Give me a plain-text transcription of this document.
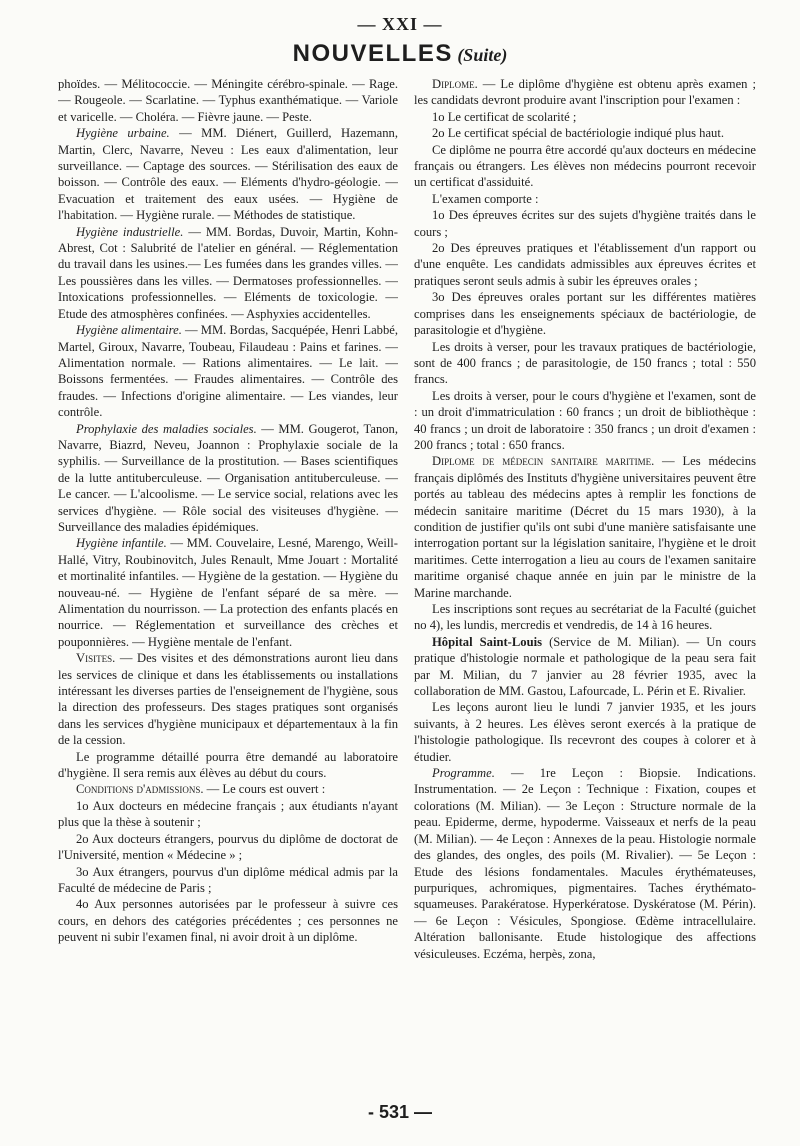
— XXI —
NOUVELLES (Suite)

phoïdes. — Mélitococcie. — Méningite cérébro-spinale. — Rage. — Rougeole. — Scarlatine. — Typhus exanthématique. — Variole et varicelle. — Choléra. — Fièvre jaune. — Peste.

Hygiène urbaine. — MM. Diénert, Guillerd, Hazemann, Martin, Clerc, Navarre, Neveu : Les eaux d'alimentation, leur surveillance. — Captage des sources. — Stérilisation des eaux de boisson. — Contrôle des eaux. — Eléments d'hydro-géologie. — Evacuation et traitement des eaux usées. — Hygiène de l'habitation. — Hygiène rurale. — Méthodes de statistique.

Hygiène industrielle. — MM. Bordas, Duvoir, Martin, Kohn-Abrest, Cot : Salubrité de l'atelier en général. — Réglementation du travail dans les usines.— Les fumées dans les grandes villes. — Les poussières dans les villes. — Dermatoses professionnelles. — Intoxications professionnelles. — Eléments de toxicologie. — Etude des atmosphères confinées. — Asphyxies accidentelles.

Hygiène alimentaire. — MM. Bordas, Sacquépée, Henri Labbé, Martel, Giroux, Navarre, Toubeau, Filaudeau : Pains et farines. — Alimentation normale. — Rations alimentaires. — Le lait. — Boissons fermentées. — Fraudes alimentaires. — Contrôle des fraudes. — Infections d'origine alimentaire. — Les viandes, leur contrôle.

Prophylaxie des maladies sociales. — MM. Gougerot, Tanon, Navarre, Biazrd, Neveu, Joannon : Prophylaxie sociale de la syphilis. — Surveillance de la prostitution. — Bases scientifiques de la lutte antituberculeuse. — Organisation antituberculeuse. — Le cancer. — L'alcoolisme. — Le service social, relations avec les services d'hygiène. — Rôle social des visiteuses d'hygiène. — Surveillance des maladies épidémiques.

Hygiène infantile. — MM. Couvelaire, Lesné, Marengo, Weill-Hallé, Vitry, Roubinovitch, Jules Renault, Mme Jouart : Mortalité et mortinalité infantiles. — Hygiène de la gestation. — Hygiène du nouveau-né. — Hygiène de l'enfant séparé de sa mère. — Alimentation du nourrisson. — La protection des enfants placés en nourrice. — Réglementation et surveillance des crèches et pouponnières. — Hygiène mentale de l'enfant.

Visites. — Des visites et des démonstrations auront lieu dans les services de clinique et dans les établissements ou installations intéressant les diverses parties de l'enseignement de l'hygiène, sous la direction des professeurs. Des stages pratiques sont organisés dans les services d'hygiène municipaux et départementaux à la fin de la cession.

Le programme détaillé pourra être demandé au laboratoire d'hygiène. Il sera remis aux élèves au début du cours.

Conditions d'admissions. — Le cours est ouvert :

1o Aux docteurs en médecine français ; aux étudiants n'ayant plus que la thèse à soutenir ;

2o Aux docteurs étrangers, pourvus du diplôme de doctorat de l'Université, mention « Médecine » ;

3o Aux étrangers, pourvus d'un diplôme médical admis par la Faculté de médecine de Paris ;

4o Aux personnes autorisées par le professeur à suivre ces cours, en dehors des catégories précédentes ; ces personnes ne peuvent ni subir l'examen final, ni avoir droit à un diplôme.

Diplome. — Le diplôme d'hygiène est obtenu après examen ; les candidats devront produire avant l'inscription pour l'examen :

1o Le certificat de scolarité ;

2o Le certificat spécial de bactériologie indiqué plus haut.

Ce diplôme ne pourra être accordé qu'aux docteurs en médecine français ou étrangers. Les élèves non médecins pourront recevoir un certificat d'assiduité.

L'examen comporte :

1o Des épreuves écrites sur des sujets d'hygiène traités dans le cours ;

2o Des épreuves pratiques et l'établissement d'un rapport ou d'une enquête. Les candidats admissibles aux épreuves écrites et pratiques seront seuls admis à subir les épreuves orales ;

3o Des épreuves orales portant sur les différentes matières comprises dans les enseignements spéciaux de bactériologie, de parasitologie et d'hygiène.

Les droits à verser, pour les travaux pratiques de bactériologie, sont de 400 francs ; de parasitologie, de 150 francs ; total : 550 francs.

Les droits à verser, pour le cours d'hygiène et l'examen, sont de : un droit d'immatriculation : 60 francs ; un droit de bibliothèque : 40 francs ; un droit de laboratoire : 350 francs ; un droit d'examen : 200 francs ; total : 650 francs.

Diplome de médecin sanitaire maritime. — Les médecins français diplômés des Instituts d'hygiène universitaires peuvent être portés au tableau des médecins aptes à remplir les fonctions de médecin sanitaire maritime (Décret du 15 mars 1930), à la condition de justifier qu'ils ont subi d'une manière satisfaisante une interrogation portant sur la législation sanitaire, l'hygiène et le droit maritimes. Cette interrogation a lieu au cours de l'examen sanitaire maritime organisé chaque année en juin par le ministre de la Marine marchande.

Les inscriptions sont reçues au secrétariat de la Faculté (guichet no 4), les lundis, mercredis et vendredis, de 14 à 16 heures.

Hôpital Saint-Louis (Service de M. Milian). — Un cours pratique d'histologie normale et pathologique de la peau sera fait par M. Milian, du 7 janvier au 28 février 1935, avec la collaboration de MM. Gastou, Lafourcade, L. Périn et E. Rivalier.

Les leçons auront lieu le lundi 7 janvier 1935, et les jours suivants, à 2 heures. Les élèves seront exercés à la pratique de l'histologie pathologique. Ils recevront des coupes à colorer et à étudier.

Programme. — 1re Leçon : Biopsie. Indications. Instrumentation. — 2e Leçon : Technique : Fixation, coupes et colorations (M. Milian). — 3e Leçon : Structure normale de la peau. Epiderme, derme, hypoderme. Vaisseaux et nerfs de la peau (M. Milian). — 4e Leçon : Annexes de la peau. Histologie normale des glandes, des ongles, des poils (M. Rivalier). — 5e Leçon : Etude des lésions fondamentales. Macules érythémateuses, purpuriques, achromiques, pigmentaires. Taches érythémato-squameuses. Parakératose. Hyperkératose. Dyskératose (M. Périn). — 6e Leçon : Vésicules, Spongiose. Œdème intracellulaire. Altération ballonisante. Etude histologique des affections vésiculeuses. Eczéma, herpès, zona,

- 531 —
